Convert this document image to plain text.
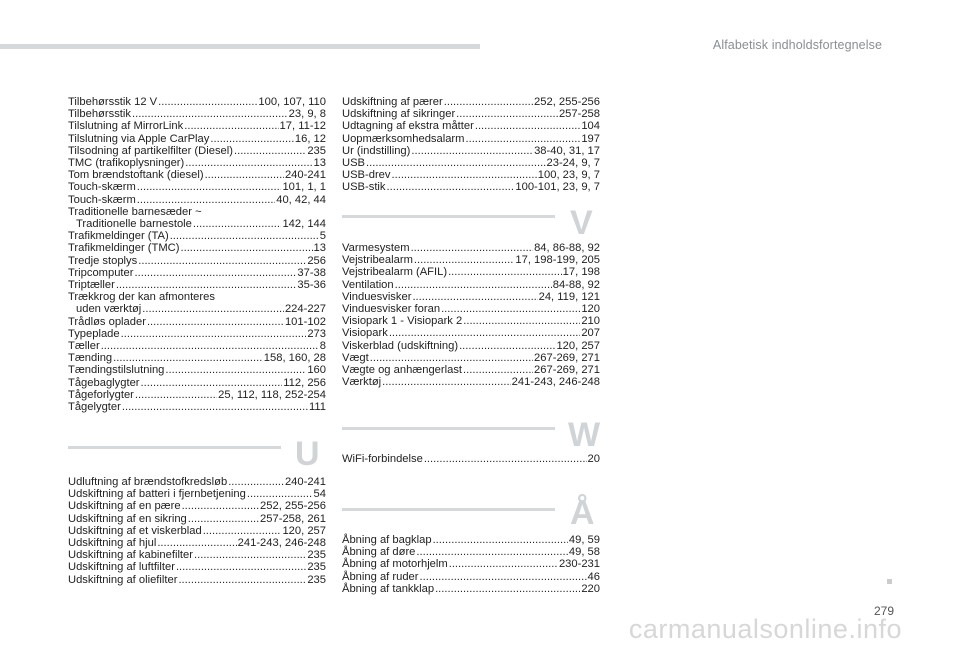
Alfabetisk indholdsfortegnelse
Tilbehørsstik 12 V .....	100, 107, 110
Tilbehørsstik .....	23, 9, 8
Tilslutning af MirrorLink .....	17, 11-12
Tilslutning via Apple CarPlay .....	16, 12
Tilsodning af partikelfilter (Diesel) .....	235
TMC (trafikoplysninger) .....	13
Tom brændstoftank (diesel) .....	240-241
Touch-skærm .....	101, 1, 1
Touch-skærm .....	40, 42, 44
Traditionelle barnesæder ~
Traditionelle barnestole .....	142, 144
Trafikmeldinger (TA) .....	5
Trafikmeldinger (TMC) .....	13
Tredje stoplys .....	256
Tripcomputer .....	37-38
Triptæller .....	35-36
Trækkrog der kan afmonteres
uden værktøj .....	224-227
Trådløs oplader .....	101-102
Typeplade .....	273
Tæller .....	8
Tænding .....	158, 160, 28
Tændingstilslutning .....	160
Tågebaglygter .....	112, 256
Tågeforlygter .....	25, 112, 118, 252-254
Tågelygter .....	111
U
Udluftning af brændstofkredsløb .....	240-241
Udskiftning af batteri i fjernbetjening .....	54
Udskiftning af en pære .....	252, 255-256
Udskiftning af en sikring .....	257-258, 261
Udskiftning af et viskerblad .....	120, 257
Udskiftning af hjul .....	241-243, 246-248
Udskiftning af kabinefilter .....	235
Udskiftning af luftfilter .....	235
Udskiftning af oliefilter .....	235
Udskiftning af pærer .....	252, 255-256
Udskiftning af sikringer .....	257-258
Udtagning af ekstra måtter .....	104
Uopmærksomhedsalarm .....	197
Ur (indstilling) .....	38-40, 31, 17
USB .....	23-24, 9, 7
USB-drev .....	100, 23, 9, 7
USB-stik .....	100-101, 23, 9, 7
V
Varmesystem .....	84, 86-88, 92
Vejstribealarm .....	17, 198-199, 205
Vejstribealarm (AFIL) .....	17, 198
Ventilation .....	84-88, 92
Vinduesvisker .....	24, 119, 121
Vinduesvisker foran .....	120
Visiopark 1 - Visiopark 2 .....	210
Visiopark .....	207
Viskerblad (udskiftning) .....	120, 257
Vægt .....	267-269, 271
Vægte og anhængerlast .....	267-269, 271
Værktøj .....	241-243, 246-248
W
WiFi-forbindelse .....	20
Å
Åbning af bagklap .....	49, 59
Åbning af døre .....	49, 58
Åbning af motorhjelm .....	230-231
Åbning af ruder .....	46
Åbning af tankklap .....	220
279
carmanualsonline.info
